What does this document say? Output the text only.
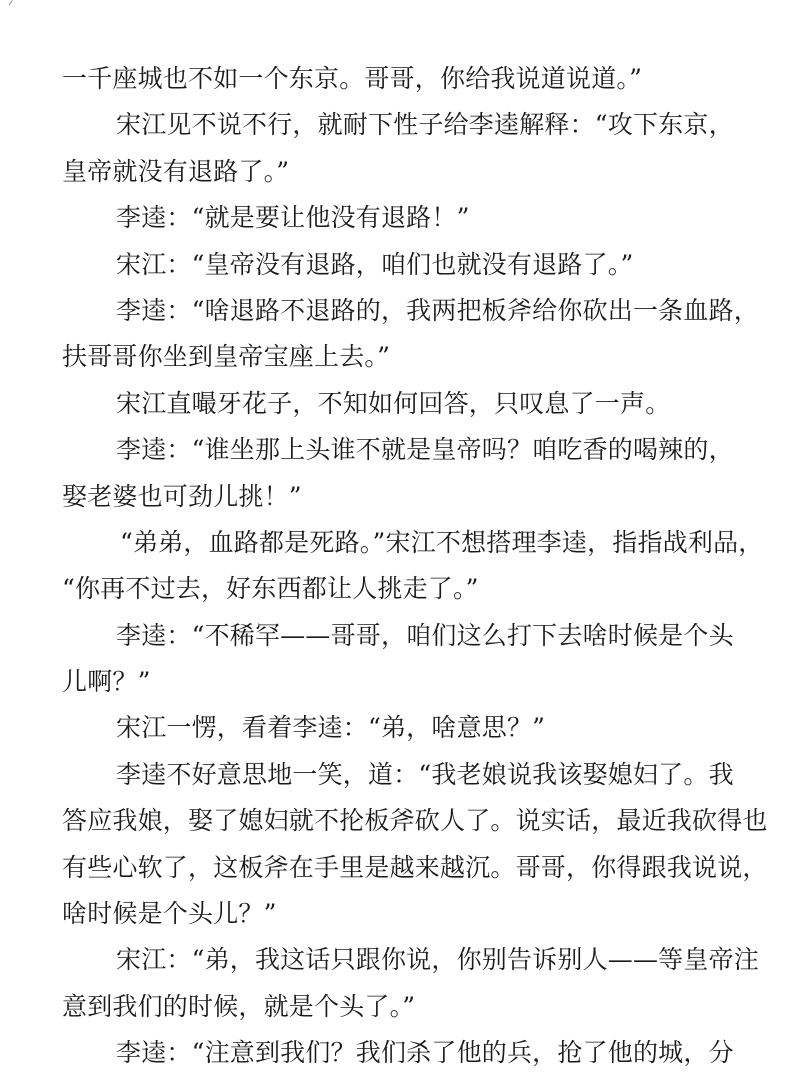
一千座城也不如一个东京。哥哥，你给我说道说道。”
宋江见不说不行，就耐下性子给李逵解释：“攻下东京，
皇帝就没有退路了。”
李逵：“就是要让他没有退路！”
宋江：“皇帝没有退路，咱们也就没有退路了。”
李逵：“啥退路不退路的，我两把板斧给你砍出一条血路，
扶哥哥你坐到皇帝宝座上去。”
宋江直嘬牙花子，不知如何回答，只叹息了一声。
李逵：“谁坐那上头谁不就是皇帝吗？咱吃香的喝辣的，
娶老婆也可劲儿挑！”
“弟弟，血路都是死路。”宋江不想搭理李逵，指指战利品，
“你再不过去，好东西都让人挑走了。”
李逵：“不稀罕——哥哥，咱们这么打下去啥时候是个头
儿啊？”
宋江一愣，看着李逵：“弟，啥意思？”
李逵不好意思地一笑，道：“我老娘说我该娶媳妇了。我
答应我娘，娶了媳妇就不抡板斧砍人了。说实话，最近我砍得也
有些心软了，这板斧在手里是越来越沉。哥哥，你得跟我说说，
啥时候是个头儿？”
宋江：“弟，我这话只跟你说，你别告诉别人——等皇帝注
意到我们的时候，就是个头了。”
李逵：“注意到我们？我们杀了他的兵，抢了他的城，分
